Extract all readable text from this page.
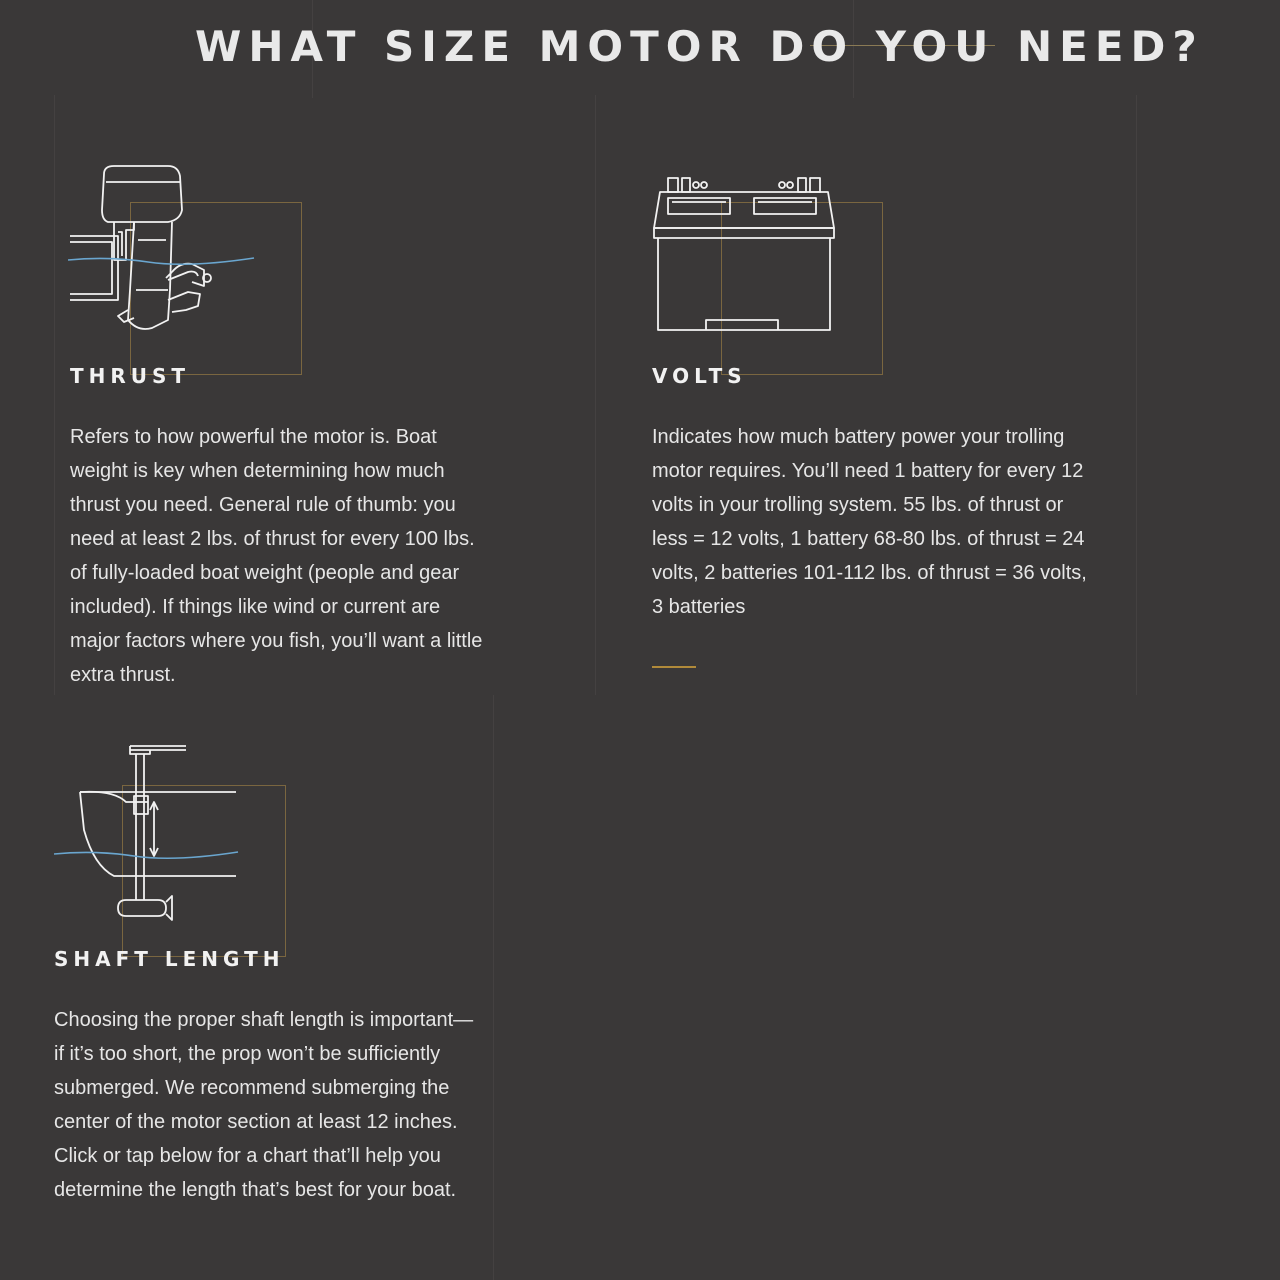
WHAT SIZE MOTOR DO YOU NEED?
THRUST
Refers to how powerful the motor is. Boat weight is key when determining how much thrust you need. General rule of thumb: you need at least 2 lbs. of thrust for every 100 lbs. of fully-loaded boat weight (people and gear included). If things like wind or current are major factors where you fish, you’ll want a little extra thrust.
VOLTS
Indicates how much battery power your trolling motor requires. You’ll need 1 battery for every 12 volts in your trolling system. 55 lbs. of thrust or less = 12 volts, 1 battery 68-80 lbs. of thrust = 24 volts, 2 batteries 101-112 lbs. of thrust = 36 volts, 3 batteries
SHAFT LENGTH
Choosing the proper shaft length is important—if it’s too short, the prop won’t be sufficiently submerged. We recommend submerging the center of the motor section at least 12 inches. Click or tap below for a chart that’ll help you determine the length that’s best for your boat.
